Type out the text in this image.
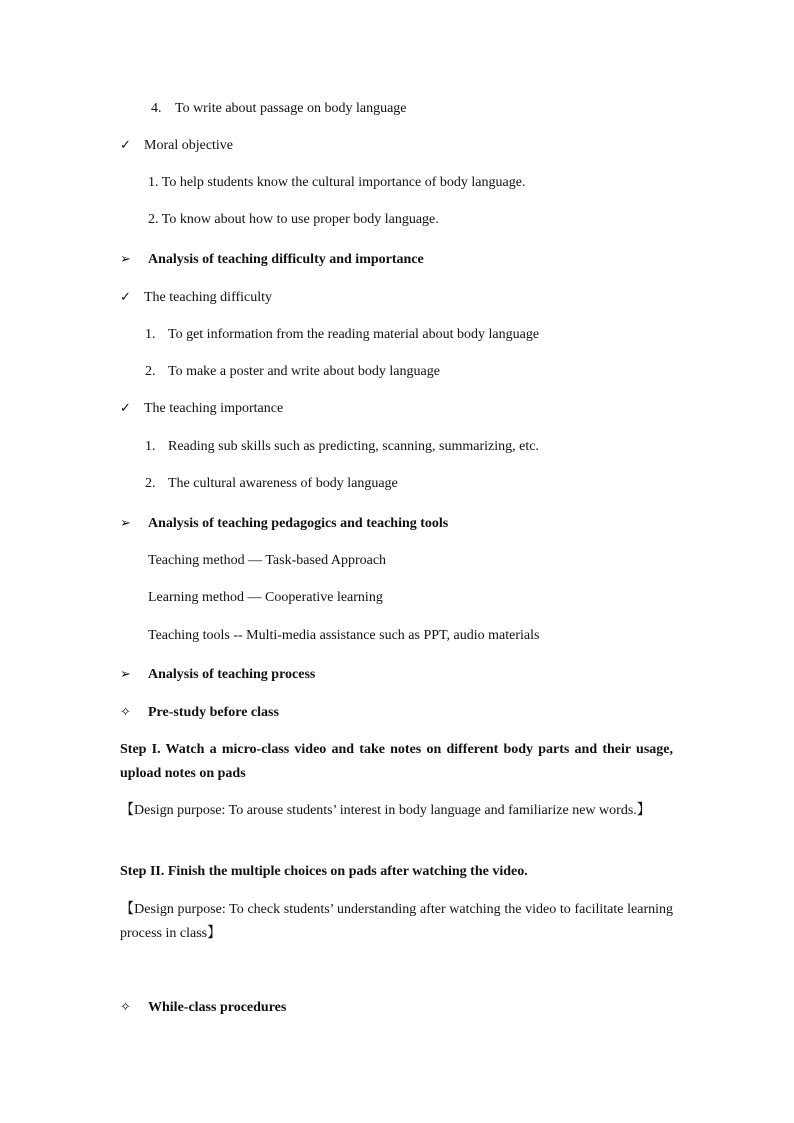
4. To write about passage on body language
✓ Moral objective
1. To help students know the cultural importance of body language.
2. To know about how to use proper body language.
➢	Analysis of teaching difficulty and importance
✓ The teaching difficulty
1. To get information from the reading material about body language
2. To make a poster and write about body language
✓ The teaching importance
1. Reading sub skills such as predicting, scanning, summarizing, etc.
2. The cultural awareness of body language
➢	Analysis of teaching pedagogics and teaching tools
Teaching method — Task-based Approach
Learning method — Cooperative learning
Teaching tools -- Multi-media assistance such as PPT, audio materials
➢	Analysis of teaching process
✧	Pre-study before class
Step I. Watch a micro-class video and take notes on different body parts and their usage, upload notes on pads
【Design purpose: To arouse students’ interest in body language and familiarize new words.】
Step II. Finish the multiple choices on pads after watching the video.
【Design purpose: To check students’ understanding after watching the video to facilitate learning process in class】
✧	While-class procedures
